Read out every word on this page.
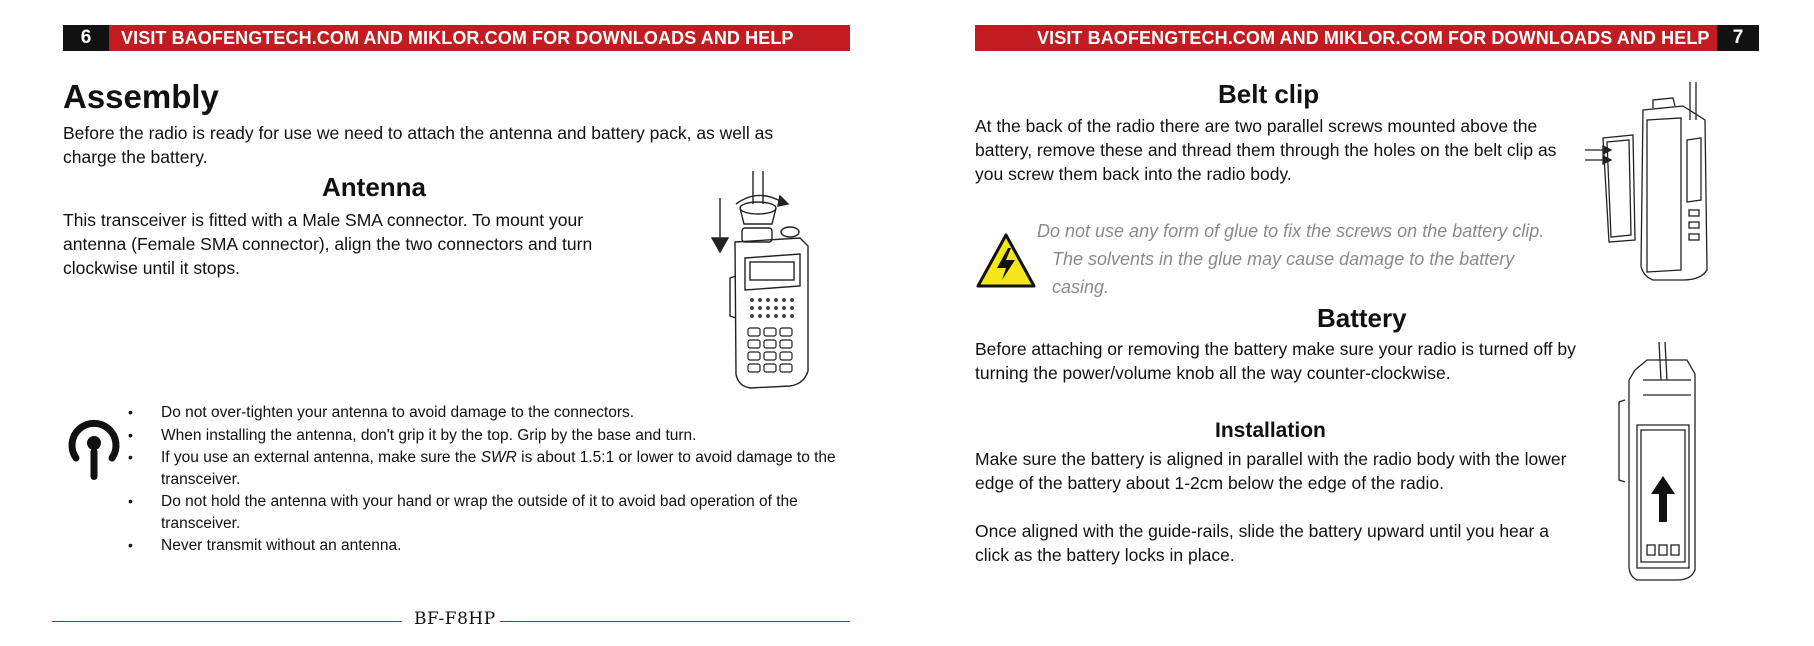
6	VISIT BAOFENGTECH.COM AND MIKLOR.COM FOR DOWNLOADS AND HELP
Assembly

Before the radio is ready for use we need to attach the antenna and battery pack, as well as charge the battery.

Antenna

This transceiver is fitted with a Male SMA connector. To mount your antenna (Female SMA connector), align the two connectors and turn clockwise until it stops.

• Do not over-tighten your antenna to avoid damage to the connectors.
• When installing the antenna, don't grip it by the top. Grip by the base and turn.
• If you use an external antenna, make sure the SWR is about 1.5:1 or lower to avoid damage to the transceiver.
• Do not hold the antenna with your hand or wrap the outside of it to avoid bad operation of the transceiver.
• Never transmit without an antenna.
BF-F8HP
VISIT BAOFENGTECH.COM AND MIKLOR.COM FOR DOWNLOADS AND HELP	7
Belt clip

At the back of the radio there are two parallel screws mounted above the battery, remove these and thread them through the holes on the belt clip as you screw them back into the radio body.

Do not use any form of glue to fix the screws on the battery clip.

The solvents in the glue may cause damage to the battery

casing.

Battery

Before attaching or removing the battery make sure your radio is turned off by turning the power/volume knob all the way counter-clockwise.

Installation

Make sure the battery is aligned in parallel with the radio body with the lower edge of the battery about 1-2cm below the edge of the radio.

Once aligned with the guide-rails, slide the battery upward until you hear a click as the battery locks in place.
